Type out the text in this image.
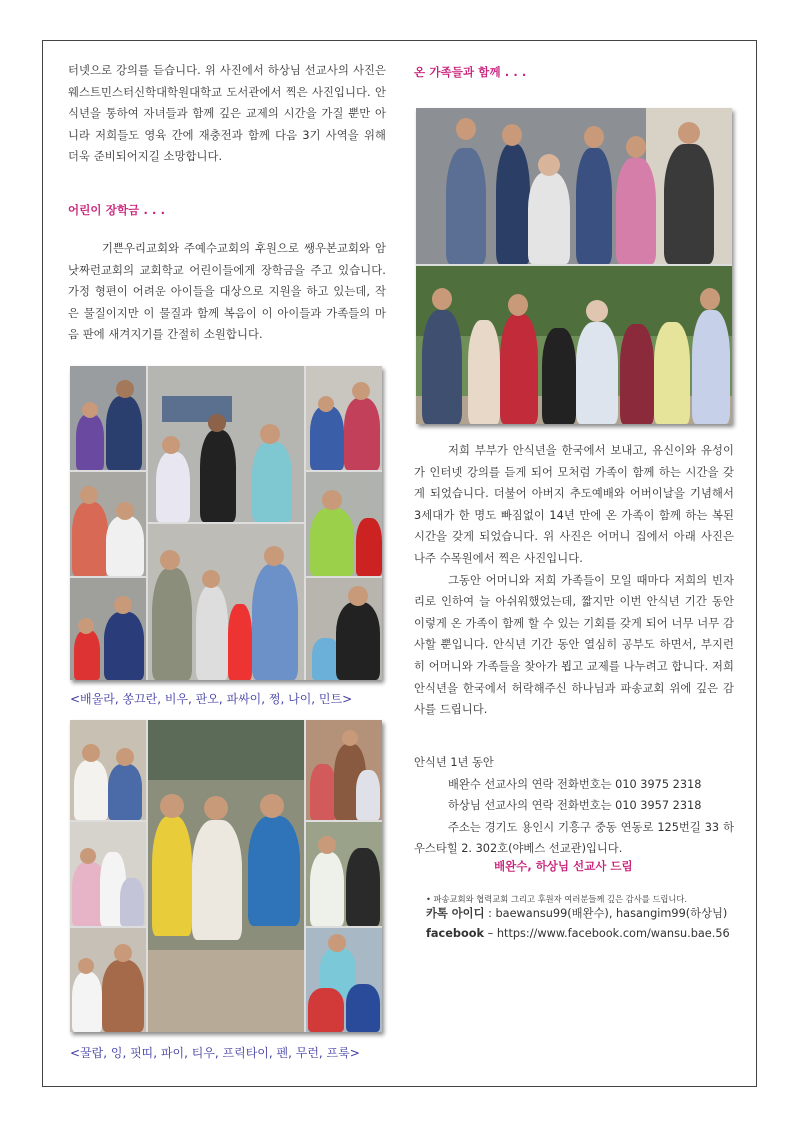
터넷으로 강의를 듣습니다. 위 사진에서 하상님 선교사의 사진은 웨스트민스터신학대학원대학교 도서관에서 찍은 사진입니다. 안식년을 통하여 자녀들과 함께 깊은 교제의 시간을 가질 뿐만 아니라 저희들도 영육 간에 재충전과 함께 다음 3기 사역을 위해 더욱 준비되어지길 소망합니다.

어린이 장학금 . . .

기쁜우리교회와 주예수교회의 후원으로 쌩우본교회와 암낫짜런교회의 교회학교 어린이들에게 장학금을 주고 있습니다. 가정 형편이 어려운 아이들을 대상으로 지원을 하고 있는데, 작은 물질이지만 이 물질과 함께 복음이 이 아이들과 가족들의 마음 판에 새겨지기를 간절히 소원합니다.

<배울라, 쏭끄란, 비우, 판오, 파싸이, 쩡, 나이, 민트>
<꿀랍, 잉, 핏띠, 파이, 티우, 프릭타이, 펜, 무런, 프룩>
온 가족들과 함께 . . .

저희 부부가 안식년을 한국에서 보내고, 유신이와 유성이가 인터넷 강의를 듣게 되어 모처럼 가족이 함께 하는 시간을 갖게 되었습니다. 더불어 아버지 추도예배와 어버이날을 기념해서 3세대가 한 명도 빠짐없이 14년 만에 온 가족이 함께 하는 복된 시간을 갖게 되었습니다. 위 사진은 어머니 집에서 아래 사진은 나주 수목원에서 찍은 사진입니다.

그동안 어머니와 저희 가족들이 모일 때마다 저희의 빈자리로 인하여 늘 아쉬워했었는데, 짧지만 이번 안식년 기간 동안 이렇게 온 가족이 함께 할 수 있는 기회를 갖게 되어 너무 너무 감사할 뿐입니다. 안식년 기간 동안 열심히 공부도 하면서, 부지런히 어머니와 가족들을 찾아가 뵙고 교제를 나누려고 합니다. 저희 안식년을 한국에서 허락해주신 하나님과 파송교회 위에 깊은 감사를 드립니다.

안식년 1년 동안
배완수 선교사의 연락 전화번호는 010 3975 2318
하상님 선교사의 연락 전화번호는 010 3957 2318
주소는 경기도 용인시 기흥구 중동 연동로 125번길 33 하우스타힐 2. 302호(야베스 선교관)입니다.
배완수, 하상님 선교사 드림
• 파송교회와 협력교회 그리고 후원자 여러분들께 깊은 감사를 드립니다.
카톡 아이디 : baewansu99(배완수), hasangim99(하상님)
facebook – https://www.facebook.com/wansu.bae.56
